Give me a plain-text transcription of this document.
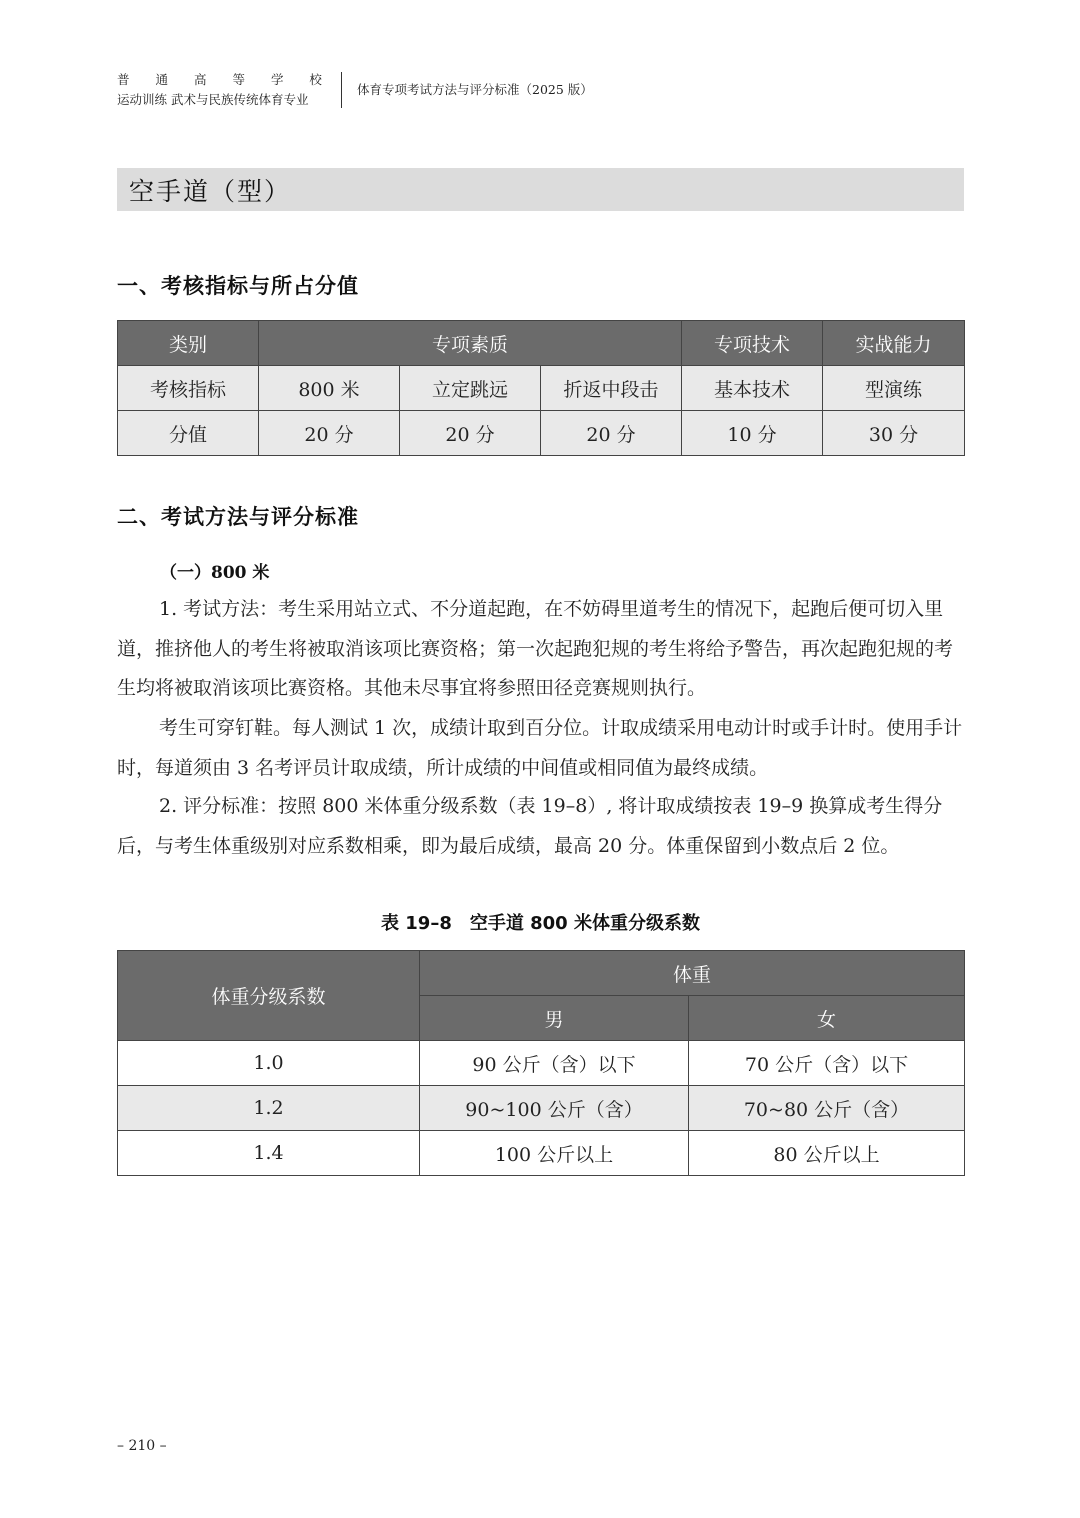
普 通 高 等 学 校
运动训练 武术与民族传统体育专业
体育专项考试方法与评分标准（2025 版）
空手道（型）
一、考核指标与所占分值
类别	专项素质			专项技术	实战能力
考核指标	800 米	立定跳远	折返中段击	基本技术	型演练
分值	20 分	20 分	20 分	10 分	30 分
二、考试方法与评分标准
（一）800 米

1. 考试方法：考生采用站立式、不分道起跑，在不妨碍里道考生的情况下，起跑后便可切入里道，推挤他人的考生将被取消该项比赛资格；第一次起跑犯规的考生将给予警告，再次起跑犯规的考生均将被取消该项比赛资格。其他未尽事宜将参照田径竞赛规则执行。

考生可穿钉鞋。每人测试 1 次，成绩计取到百分位。计取成绩采用电动计时或手计时。使用手计时，每道须由 3 名考评员计取成绩，所计成绩的中间值或相同值为最终成绩。

2. 评分标准：按照 800 米体重分级系数（表 19–8）, 将计取成绩按表 19–9 换算成考生得分后，与考生体重级别对应系数相乘，即为最后成绩，最高 20 分。体重保留到小数点后 2 位。

表 19–8　空手道 800 米体重分级系数
体重分级系数	体重	
	男	女
1.0	90 公斤（含）以下	70 公斤（含）以下
1.2	90~100 公斤（含）	70~80 公斤（含）
1.4	100 公斤以上	80 公斤以上
– 210 –
